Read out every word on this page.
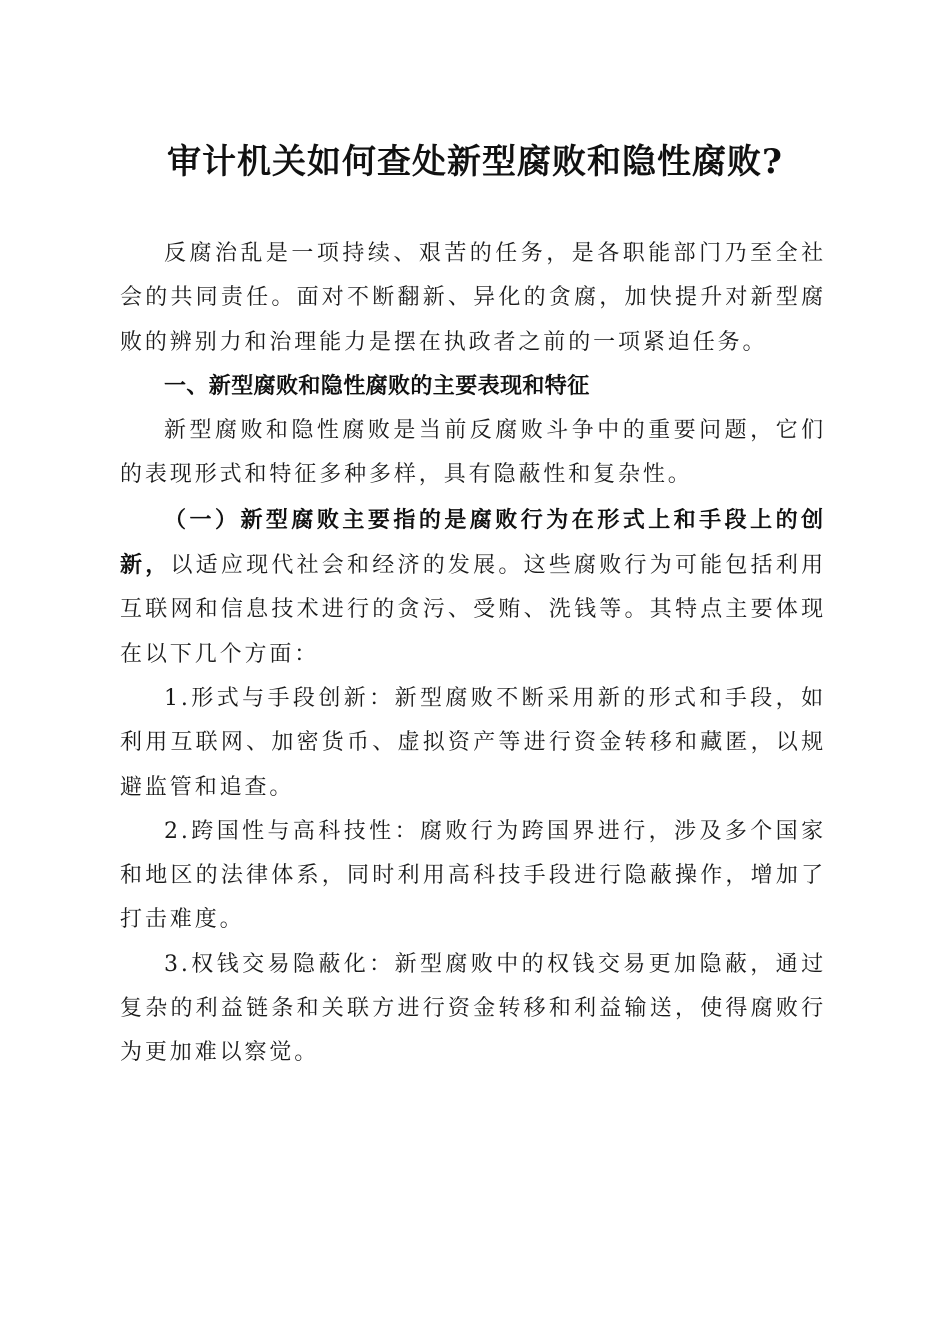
审计机关如何查处新型腐败和隐性腐败?

反腐治乱是一项持续、艰苦的任务，是各职能部门乃至全社会的共同责任。面对不断翻新、异化的贪腐，加快提升对新型腐败的辨别力和治理能力是摆在执政者之前的一项紧迫任务。

一、新型腐败和隐性腐败的主要表现和特征

新型腐败和隐性腐败是当前反腐败斗争中的重要问题，它们的表现形式和特征多种多样，具有隐蔽性和复杂性。

（一）新型腐败主要指的是腐败行为在形式上和手段上的创新，以适应现代社会和经济的发展。这些腐败行为可能包括利用互联网和信息技术进行的贪污、受贿、洗钱等。其特点主要体现在以下几个方面：

1.形式与手段创新：新型腐败不断采用新的形式和手段，如利用互联网、加密货币、虚拟资产等进行资金转移和藏匿，以规避监管和追查。

2.跨国性与高科技性：腐败行为跨国界进行，涉及多个国家和地区的法律体系，同时利用高科技手段进行隐蔽操作，增加了打击难度。

3.权钱交易隐蔽化：新型腐败中的权钱交易更加隐蔽，通过复杂的利益链条和关联方进行资金转移和利益输送，使得腐败行为更加难以察觉。
